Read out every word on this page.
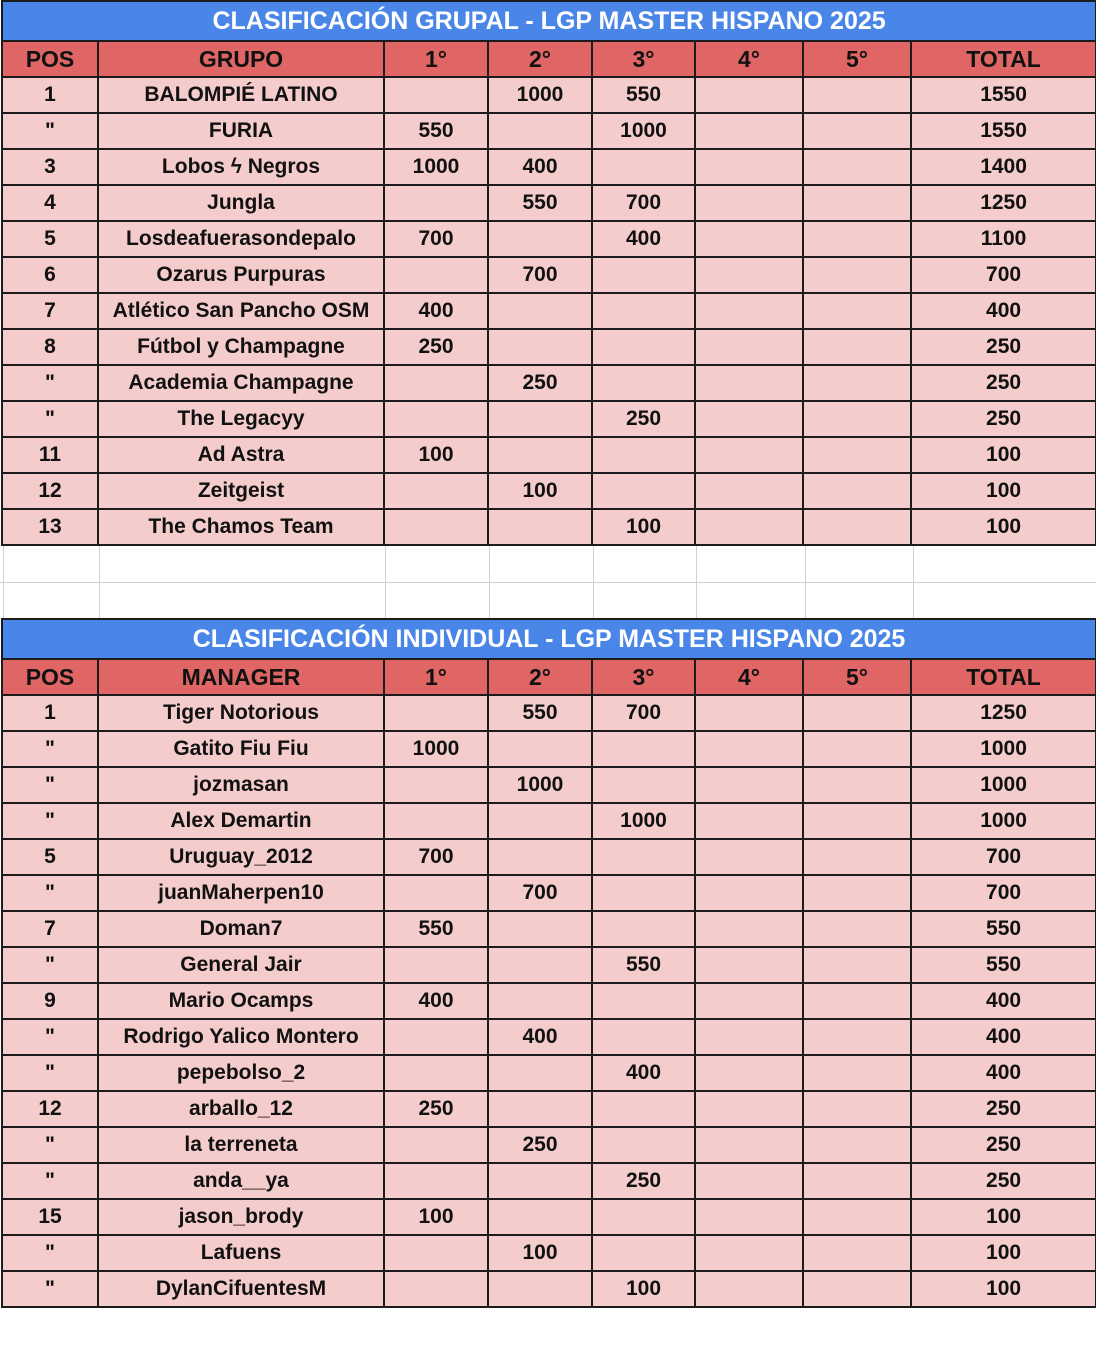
CLASIFICACIÓN GRUPAL - LGP MASTER HISPANO 2025							
POS	GRUPO	1°	2°	3°	4°	5°	TOTAL
1	BALOMPIÉ LATINO		1000	550			1550
"	FURIA	550		1000			1550
3	Lobos ϟ Negros	1000	400				1400
4	Jungla		550	700			1250
5	Losdeafuerasondepalo	700		400			1100
6	Ozarus Purpuras		700				700
7	Atlético San Pancho OSM	400					400
8	Fútbol y Champagne	250					250
"	Academia Champagne		250				250
"	The Legacyy			250			250
11	Ad Astra	100					100
12	Zeitgeist		100				100
13	The Chamos Team			100			100
CLASIFICACIÓN INDIVIDUAL - LGP MASTER HISPANO 2025							
POS	MANAGER	1°	2°	3°	4°	5°	TOTAL
1	Tiger Notorious		550	700			1250
"	Gatito Fiu Fiu	1000					1000
"	jozmasan		1000				1000
"	Alex Demartin			1000			1000
5	Uruguay_2012	700					700
"	juanMaherpen10		700				700
7	Doman7	550					550
"	General Jair			550			550
9	Mario Ocamps	400					400
"	Rodrigo Yalico Montero		400				400
"	pepebolso_2			400			400
12	arballo_12	250					250
"	la terreneta		250				250
"	anda__ya			250			250
15	jason_brody	100					100
"	Lafuens		100				100
"	DylanCifuentesM			100			100
